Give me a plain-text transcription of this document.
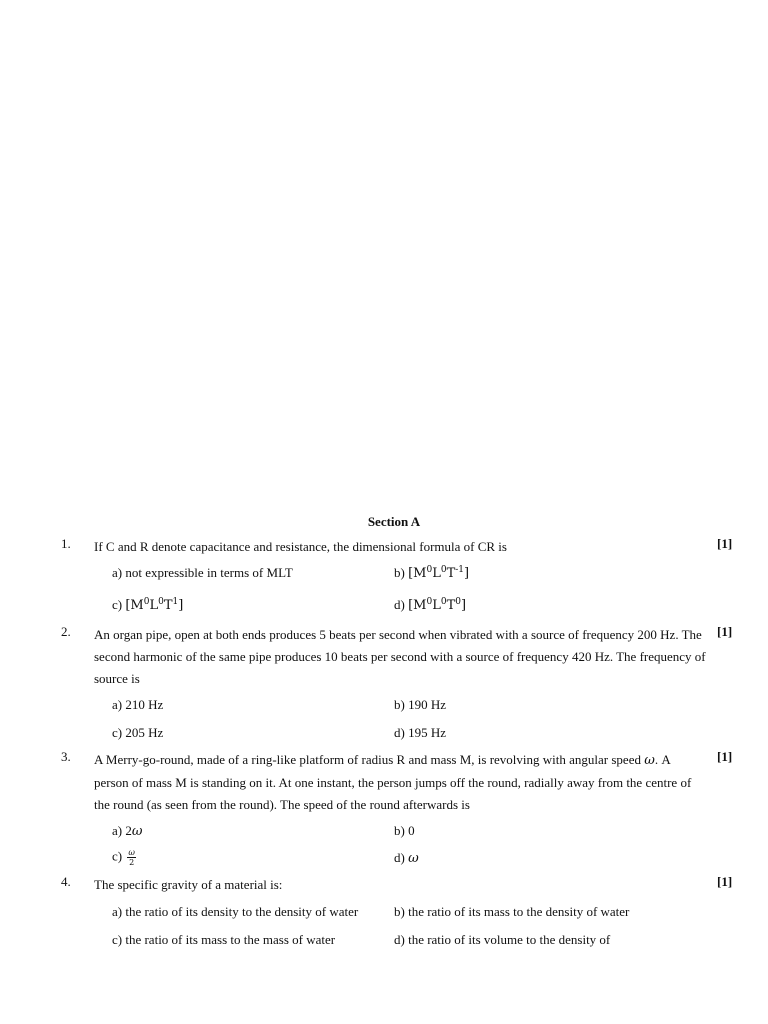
Section A
1. If C and R denote capacitance and resistance, the dimensional formula of CR is	[1]
a) not expressible in terms of MLT	b) $[M^0L^0T^{-1}]$
c) $[M^0L^0T^1]$	d) $[M^0L^0T^0]$
2. An organ pipe, open at both ends produces 5 beats per second when vibrated with a source of frequency 200 Hz. The second harmonic of the same pipe produces 10 beats per second with a source of frequency 420 Hz. The frequency of source is
[1]
a) 210 Hz	b) 190 Hz
c) 205 Hz	d) 195 Hz
3. A Merry-go-round, made of a ring-like platform of radius R and mass M, is revolving with angular speed ω. A person of mass M is standing on it. At one instant, the person jumps off the round, radially away from the centre of the round (as seen from the round). The speed of the round afterwards is
[1]
a) 2ω	b) 0
$c) \frac{\omega}{2}$	d) ω
4. The specific gravity of a material is:	[1]
a) the ratio of its density to the density of water	b) the ratio of its mass to the density of water
c) the ratio of its mass to the mass of water	d) the ratio of its volume to the density of
